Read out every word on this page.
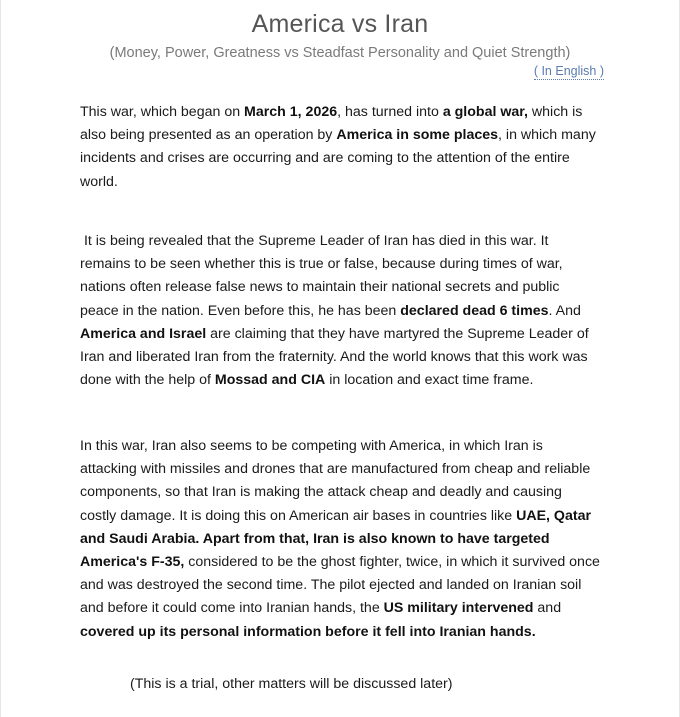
America vs Iran
(Money, Power, Greatness vs Steadfast Personality and Quiet Strength)
( In English )

This war, which began on March 1, 2026, has turned into a global war, which is also being presented as an operation by America in some places, in which many incidents and crises are occurring and are coming to the attention of the entire world.

It is being revealed that the Supreme Leader of Iran has died in this war. It remains to be seen whether this is true or false, because during times of war, nations often release false news to maintain their national secrets and public peace in the nation. Even before this, he has been declared dead 6 times. And America and Israel are claiming that they have martyred the Supreme Leader of Iran and liberated Iran from the fraternity. And the world knows that this work was done with the help of Mossad and CIA in location and exact time frame.

In this war, Iran also seems to be competing with America, in which Iran is attacking with missiles and drones that are manufactured from cheap and reliable components, so that Iran is making the attack cheap and deadly and causing costly damage. It is doing this on American air bases in countries like UAE, Qatar and Saudi Arabia. Apart from that, Iran is also known to have targeted America's F-35, considered to be the ghost fighter, twice, in which it survived once and was destroyed the second time. The pilot ejected and landed on Iranian soil and before it could come into Iranian hands, the US military intervened and covered up its personal information before it fell into Iranian hands.

(This is a trial, other matters will be discussed later)
